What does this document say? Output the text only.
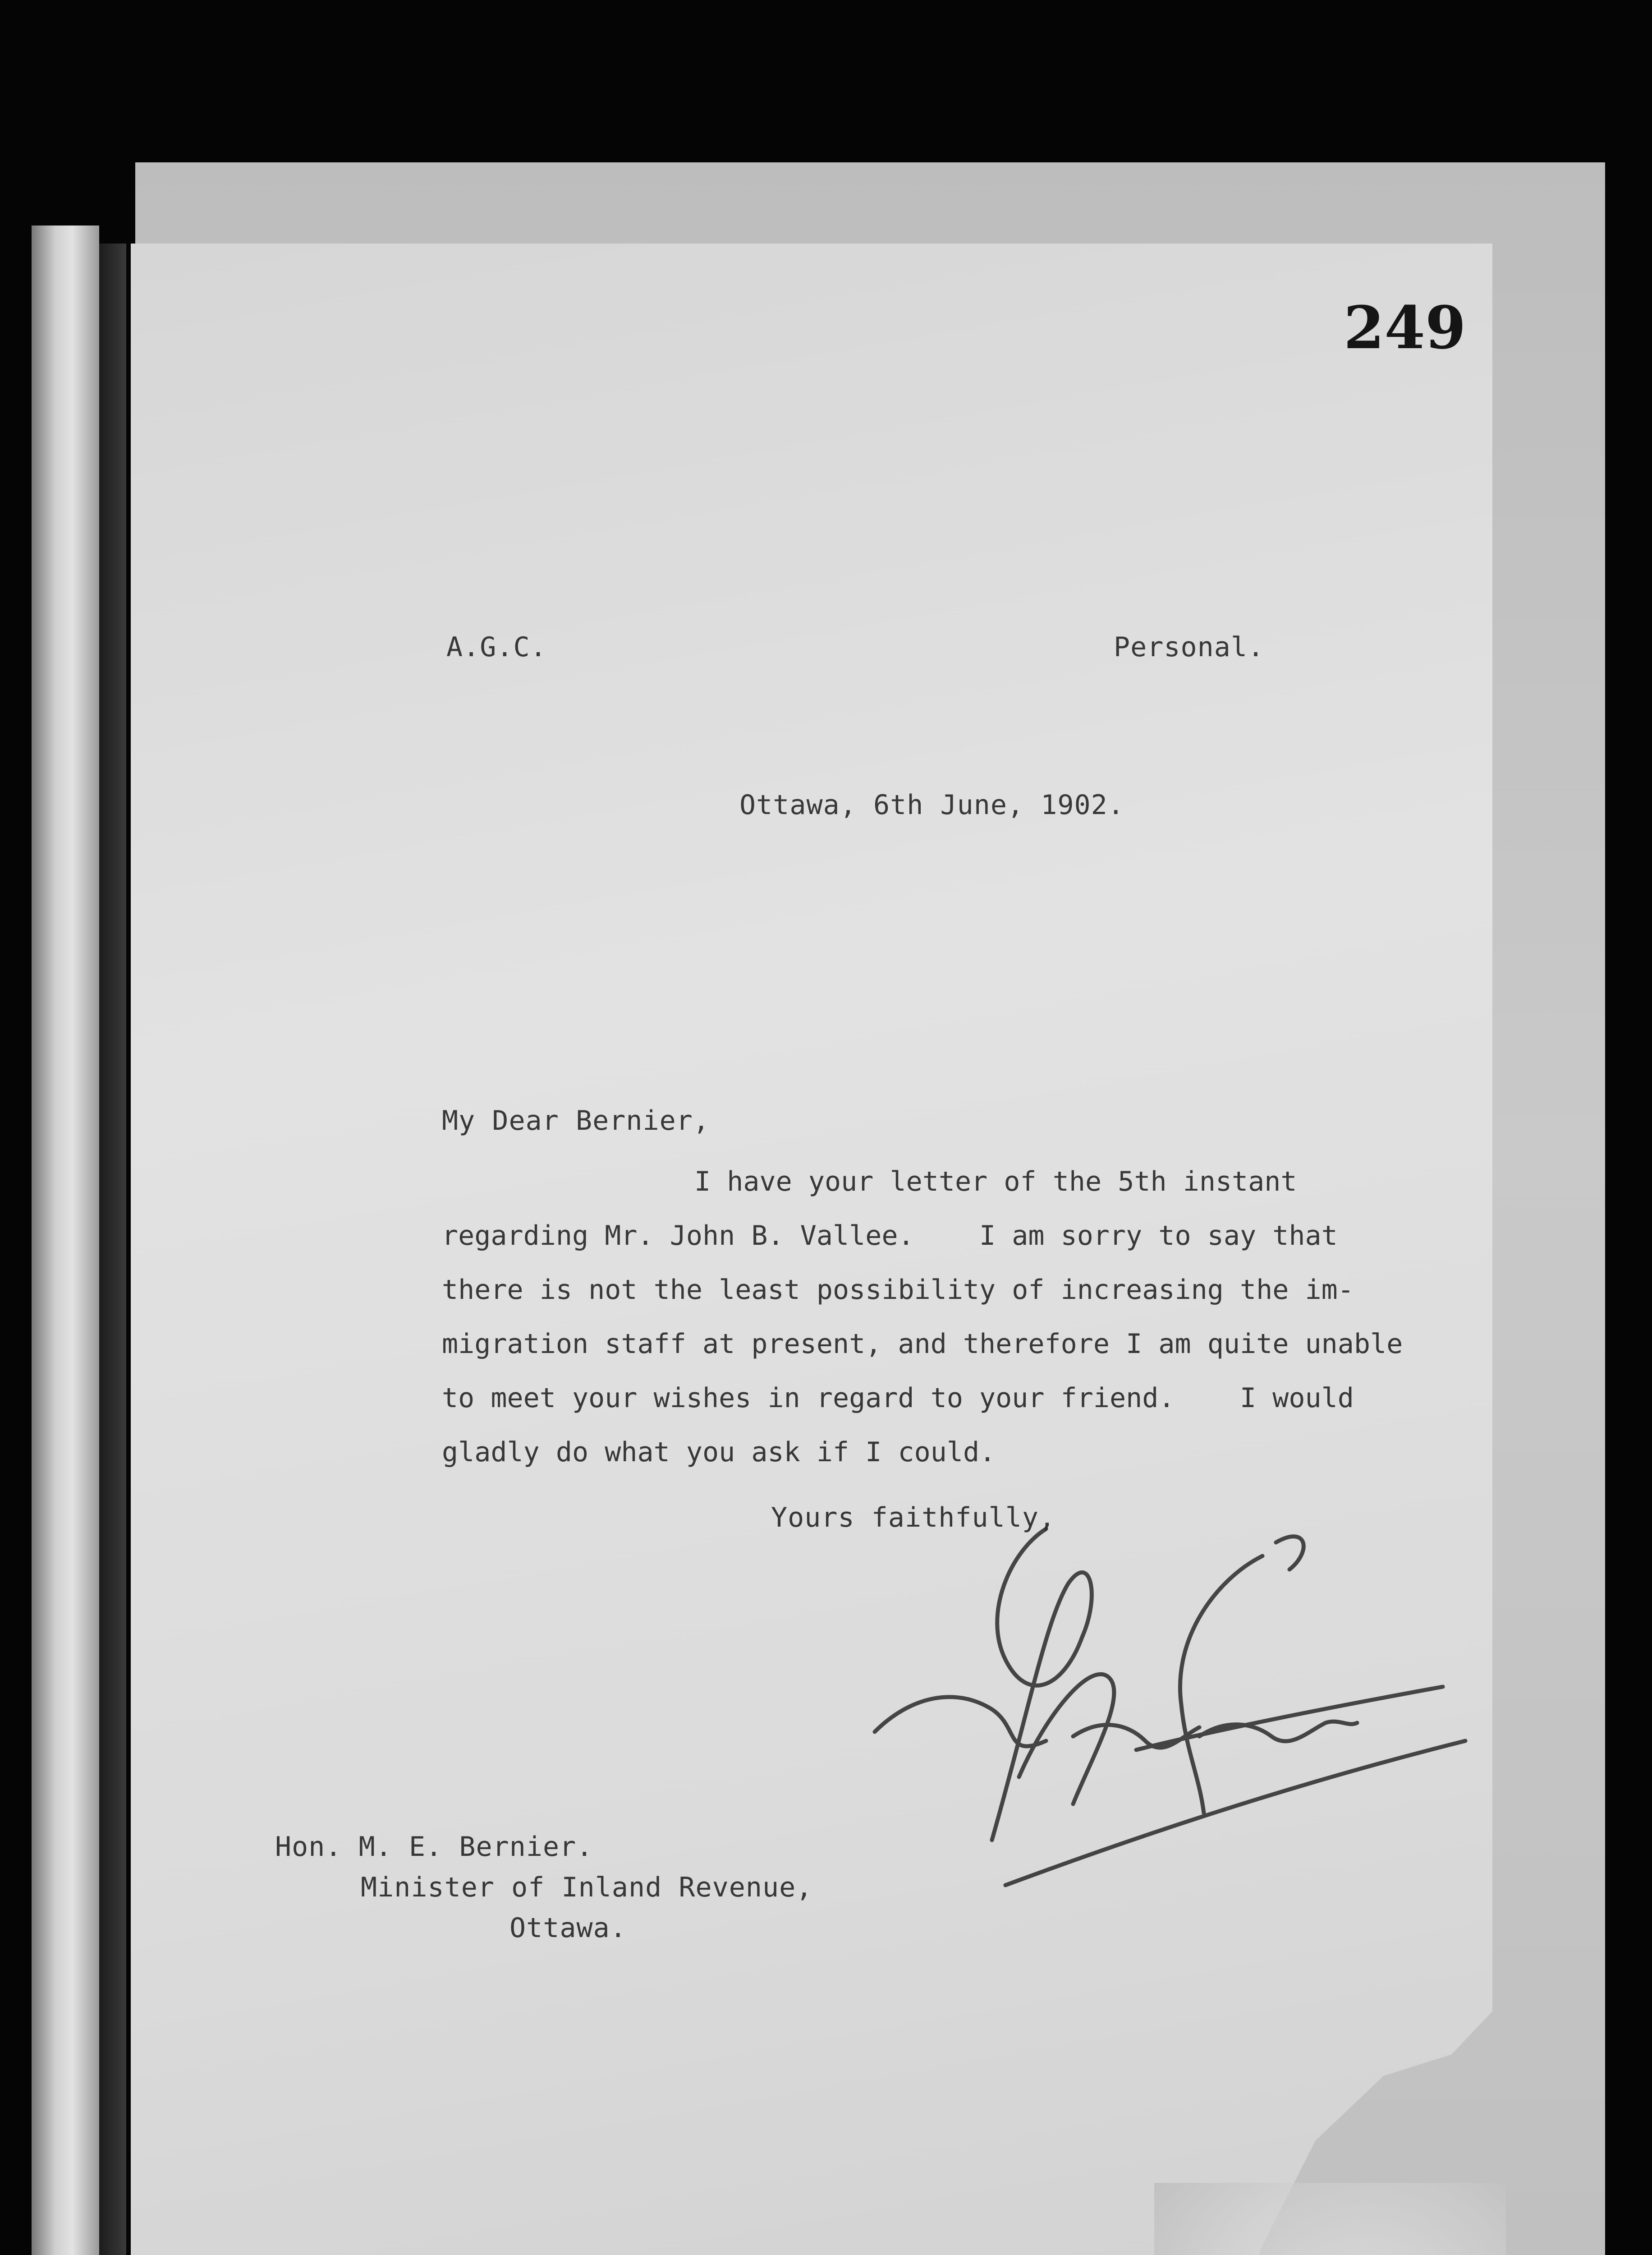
249
A.G.C.	Personal.
Ottawa, 6th June, 1902.
My Dear Bernier,
I have your letter of the 5th instant
regarding Mr. John B. Vallee.    I am sorry to say that
there is not the least possibility of increasing the im-
migration staff at present, and therefore I am quite unable
to meet your wishes in regard to your friend.    I would
gladly do what you ask if I could.
Yours faithfully,
Hon. M. E. Bernier.
Minister of Inland Revenue,
Ottawa.
